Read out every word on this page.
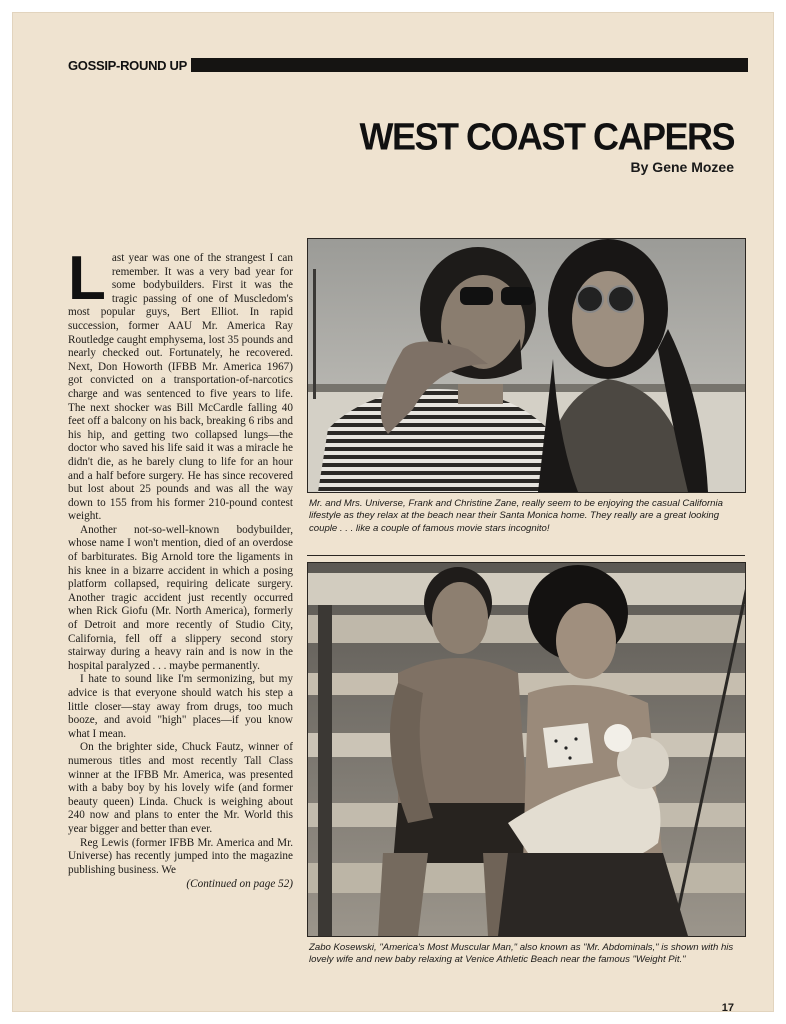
GOSSIP-ROUND UP
WEST COAST CAPERS
By Gene Mozee

Last year was one of the strangest I can remember. It was a very bad year for some bodybuilders. First it was the tragic passing of one of Muscledom's most popular guys, Bert Elliot. In rapid succession, former AAU Mr. America Ray Routledge caught emphysema, lost 35 pounds and nearly checked out. Fortunately, he recovered. Next, Don Howorth (IFBB Mr. America 1967) got convicted on a transportation-of-narcotics charge and was sentenced to five years to life. The next shocker was Bill McCardle falling 40 feet off a balcony on his back, breaking 6 ribs and his hip, and getting two collapsed lungs—the doctor who saved his life said it was a miracle he didn't die, as he barely clung to life for an hour and a half before surgery. He has since recovered but lost about 25 pounds and was all the way down to 155 from his former 210-pound contest weight.

Another not-so-well-known bodybuilder, whose name I won't mention, died of an overdose of barbiturates. Big Arnold tore the ligaments in his knee in a bizarre accident in which a posing platform collapsed, requiring delicate surgery. Another tragic accident just recently occurred when Rick Giofu (Mr. North America), formerly of Detroit and more recently of Studio City, California, fell off a slippery second story stairway during a heavy rain and is now in the hospital paralyzed . . . maybe permanently.

I hate to sound like I'm sermonizing, but my advice is that everyone should watch his step a little closer—stay away from drugs, too much booze, and avoid "high" places—if you know what I mean.

On the brighter side, Chuck Fautz, winner of numerous titles and most recently Tall Class winner at the IFBB Mr. America, was presented with a baby boy by his lovely wife (and former beauty queen) Linda. Chuck is weighing about 240 now and plans to enter the Mr. World this year bigger and better than ever.

Reg Lewis (former IFBB Mr. America and Mr. Universe) has recently jumped into the magazine publishing business. We

(Continued on page 52)
Mr. and Mrs. Universe, Frank and Christine Zane, really seem to be enjoying the casual California lifestyle as they relax at the beach near their Santa Monica home. They really are a great looking couple . . . like a couple of famous movie stars incognito!
Zabo Kosewski, "America's Most Muscular Man," also known as "Mr. Abdominals," is shown with his lovely wife and new baby relaxing at Venice Athletic Beach near the famous "Weight Pit."
17
